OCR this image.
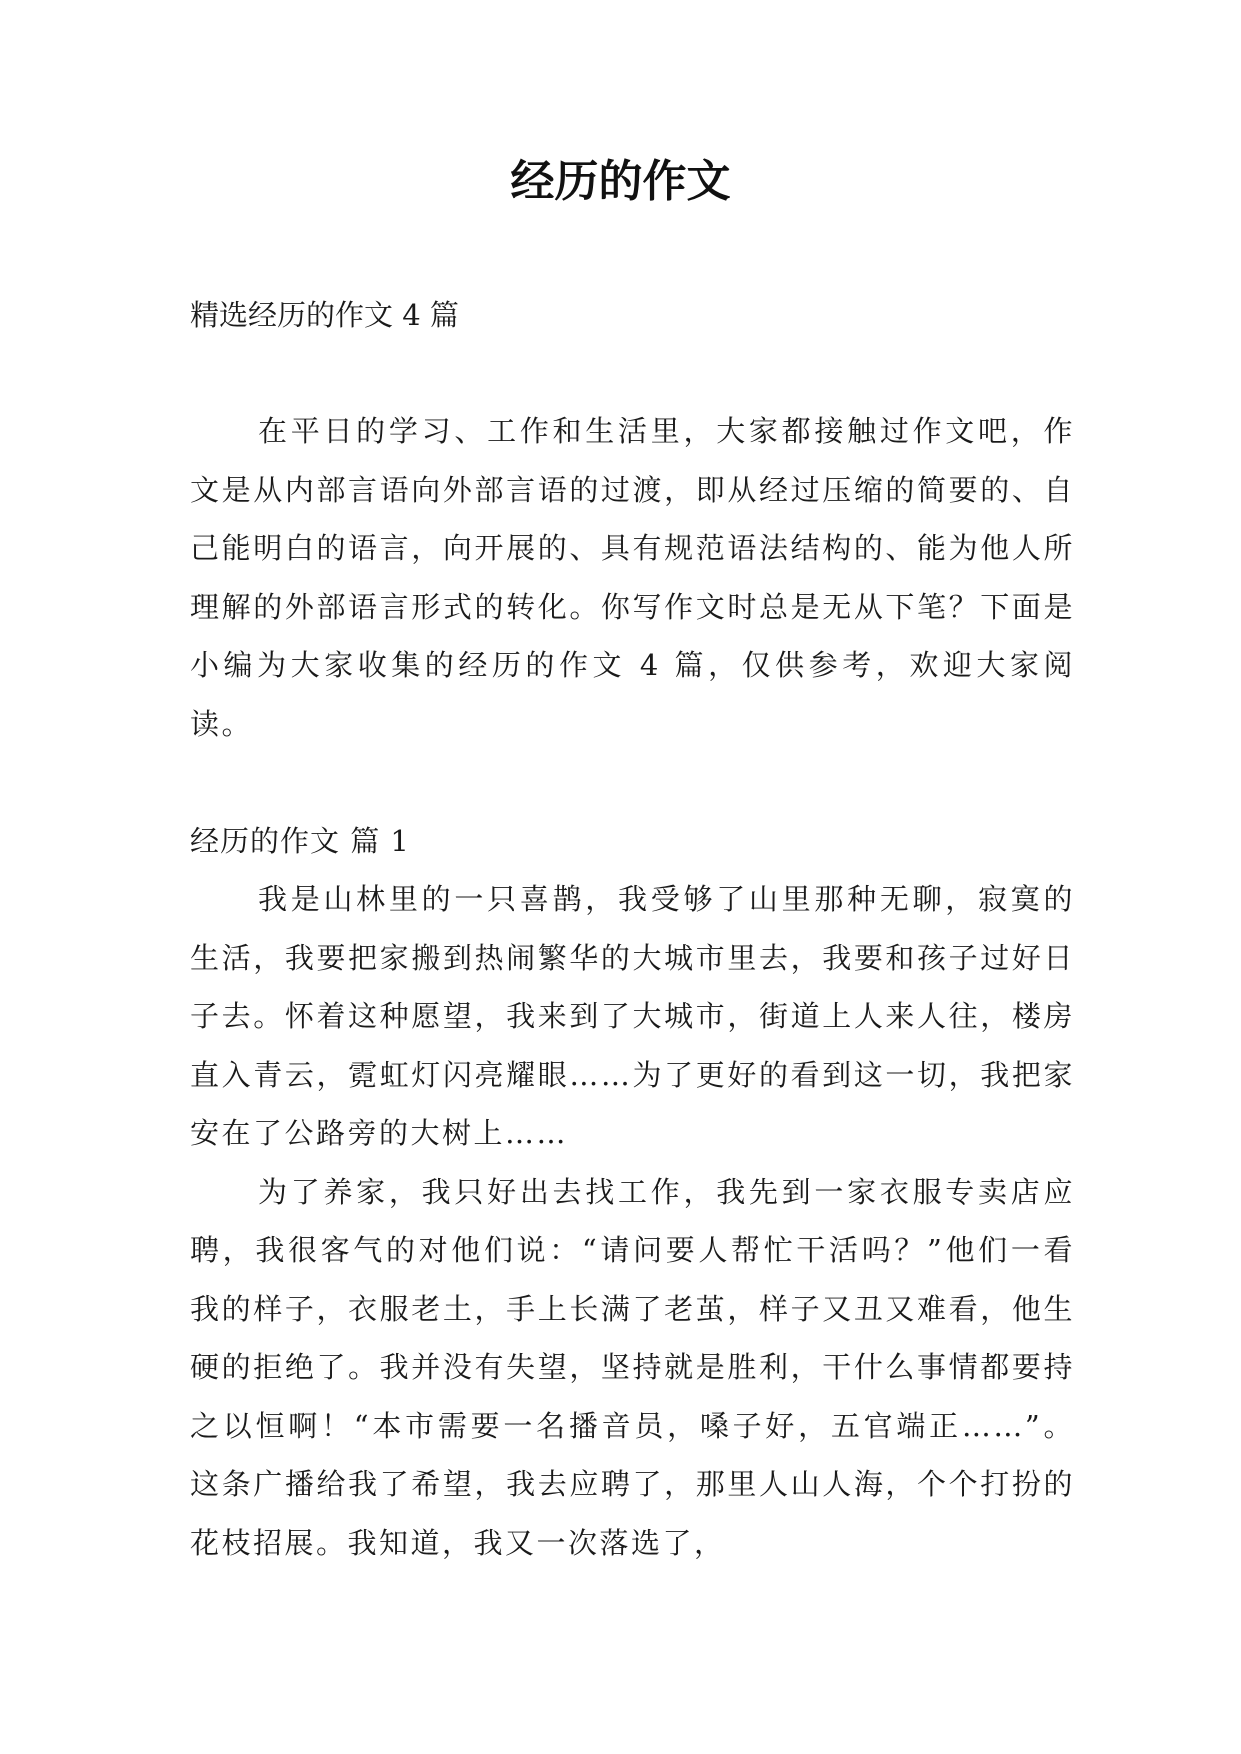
经历的作文

精选经历的作文 4 篇

在平日的学习、工作和生活里，大家都接触过作文吧，作文是从内部言语向外部言语的过渡，即从经过压缩的简要的、自己能明白的语言，向开展的、具有规范语法结构的、能为他人所理解的外部语言形式的转化。你写作文时总是无从下笔？下面是小编为大家收集的经历的作文 4 篇，仅供参考，欢迎大家阅读。

经历的作文 篇 1

我是山林里的一只喜鹊，我受够了山里那种无聊，寂寞的生活，我要把家搬到热闹繁华的大城市里去，我要和孩子过好日子去。怀着这种愿望，我来到了大城市，街道上人来人往，楼房直入青云，霓虹灯闪亮耀眼……为了更好的看到这一切，我把家安在了公路旁的大树上……

为了养家，我只好出去找工作，我先到一家衣服专卖店应聘，我很客气的对他们说：“请问要人帮忙干活吗？”他们一看我的样子，衣服老土，手上长满了老茧，样子又丑又难看，他生硬的拒绝了。我并没有失望，坚持就是胜利，干什么事情都要持之以恒啊！“本市需要一名播音员，嗓子好，五官端正……”。这条广播给我了希望，我去应聘了，那里人山人海，个个打扮的花枝招展。我知道，我又一次落选了，
